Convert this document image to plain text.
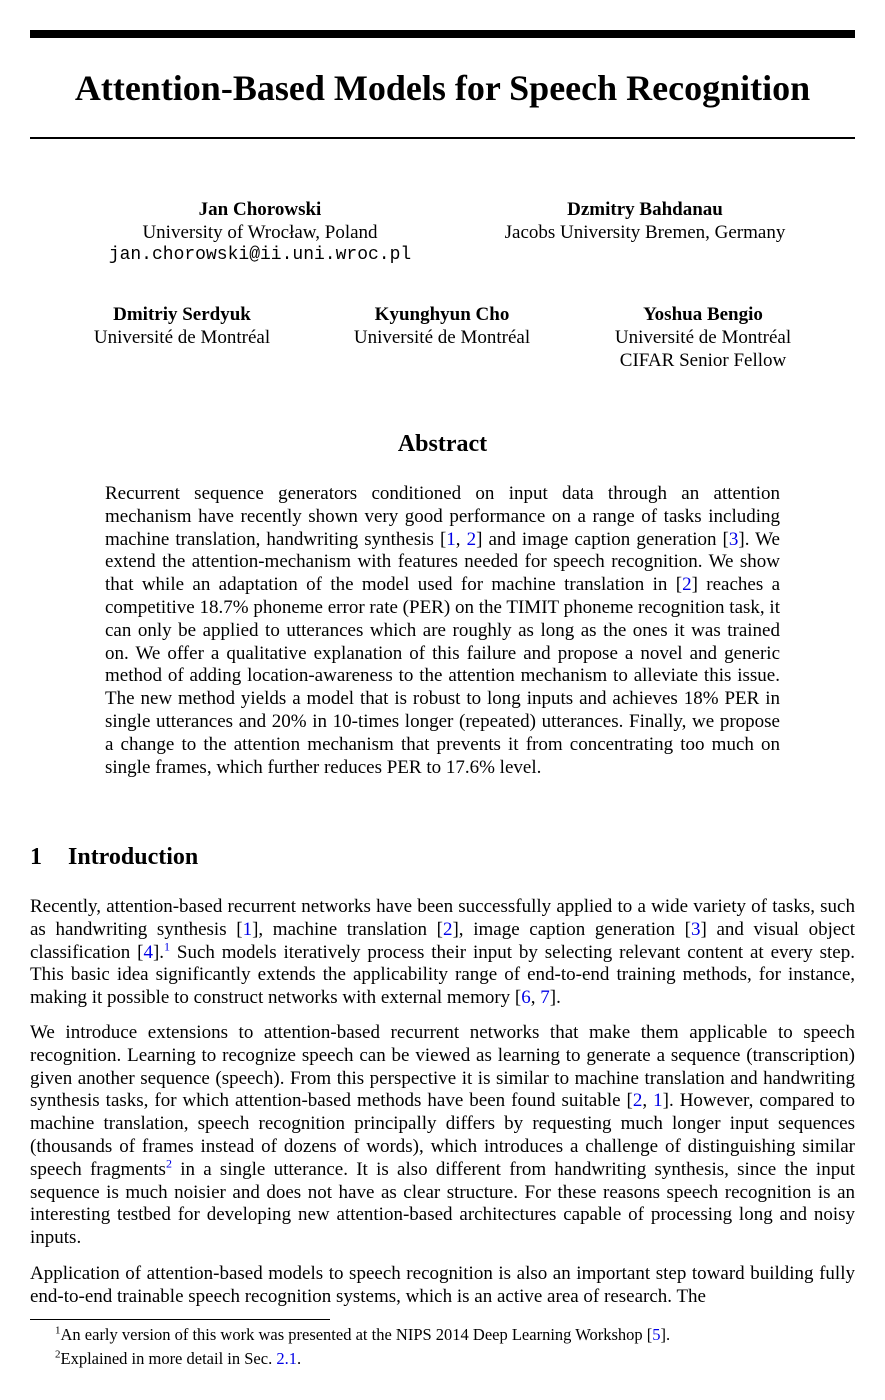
Attention-Based Models for Speech Recognition
Jan Chorowski
University of Wrocław, Poland
jan.chorowski@ii.uni.wroc.pl
Dzmitry Bahdanau
Jacobs University Bremen, Germany
Dmitriy Serdyuk
Université de Montréal
Kyunghyun Cho
Université de Montréal
Yoshua Bengio
Université de Montréal
CIFAR Senior Fellow
Abstract

Recurrent sequence generators conditioned on input data through an attention mechanism have recently shown very good performance on a range of tasks including machine translation, handwriting synthesis [1, 2] and image caption generation [3]. We extend the attention-mechanism with features needed for speech recognition. We show that while an adaptation of the model used for machine translation in [2] reaches a competitive 18.7% phoneme error rate (PER) on the TIMIT phoneme recognition task, it can only be applied to utterances which are roughly as long as the ones it was trained on. We offer a qualitative explanation of this failure and propose a novel and generic method of adding location-awareness to the attention mechanism to alleviate this issue. The new method yields a model that is robust to long inputs and achieves 18% PER in single utterances and 20% in 10-times longer (repeated) utterances. Finally, we propose a change to the attention mechanism that prevents it from concentrating too much on single frames, which further reduces PER to 17.6% level.

1 Introduction

Recently, attention-based recurrent networks have been successfully applied to a wide variety of tasks, such as handwriting synthesis [1], machine translation [2], image caption generation [3] and visual object classification [4].$^1$ Such models iteratively process their input by selecting relevant content at every step. This basic idea significantly extends the applicability range of end-to-end training methods, for instance, making it possible to construct networks with external memory [6, 7].

We introduce extensions to attention-based recurrent networks that make them applicable to speech recognition. Learning to recognize speech can be viewed as learning to generate a sequence (transcription) given another sequence (speech). From this perspective it is similar to machine translation and handwriting synthesis tasks, for which attention-based methods have been found suitable [2, 1]. However, compared to machine translation, speech recognition principally differs by requesting much longer input sequences (thousands of frames instead of dozens of words), which introduces a challenge of distinguishing similar speech fragments$^2$ in a single utterance. It is also different from handwriting synthesis, since the input sequence is much noisier and does not have as clear structure. For these reasons speech recognition is an interesting testbed for developing new attention-based architectures capable of processing long and noisy inputs.

Application of attention-based models to speech recognition is also an important step toward building fully end-to-end trainable speech recognition systems, which is an active area of research. The

$^1$An early version of this work was presented at the NIPS 2014 Deep Learning Workshop [5].

$^2$Explained in more detail in Sec. 2.1.
